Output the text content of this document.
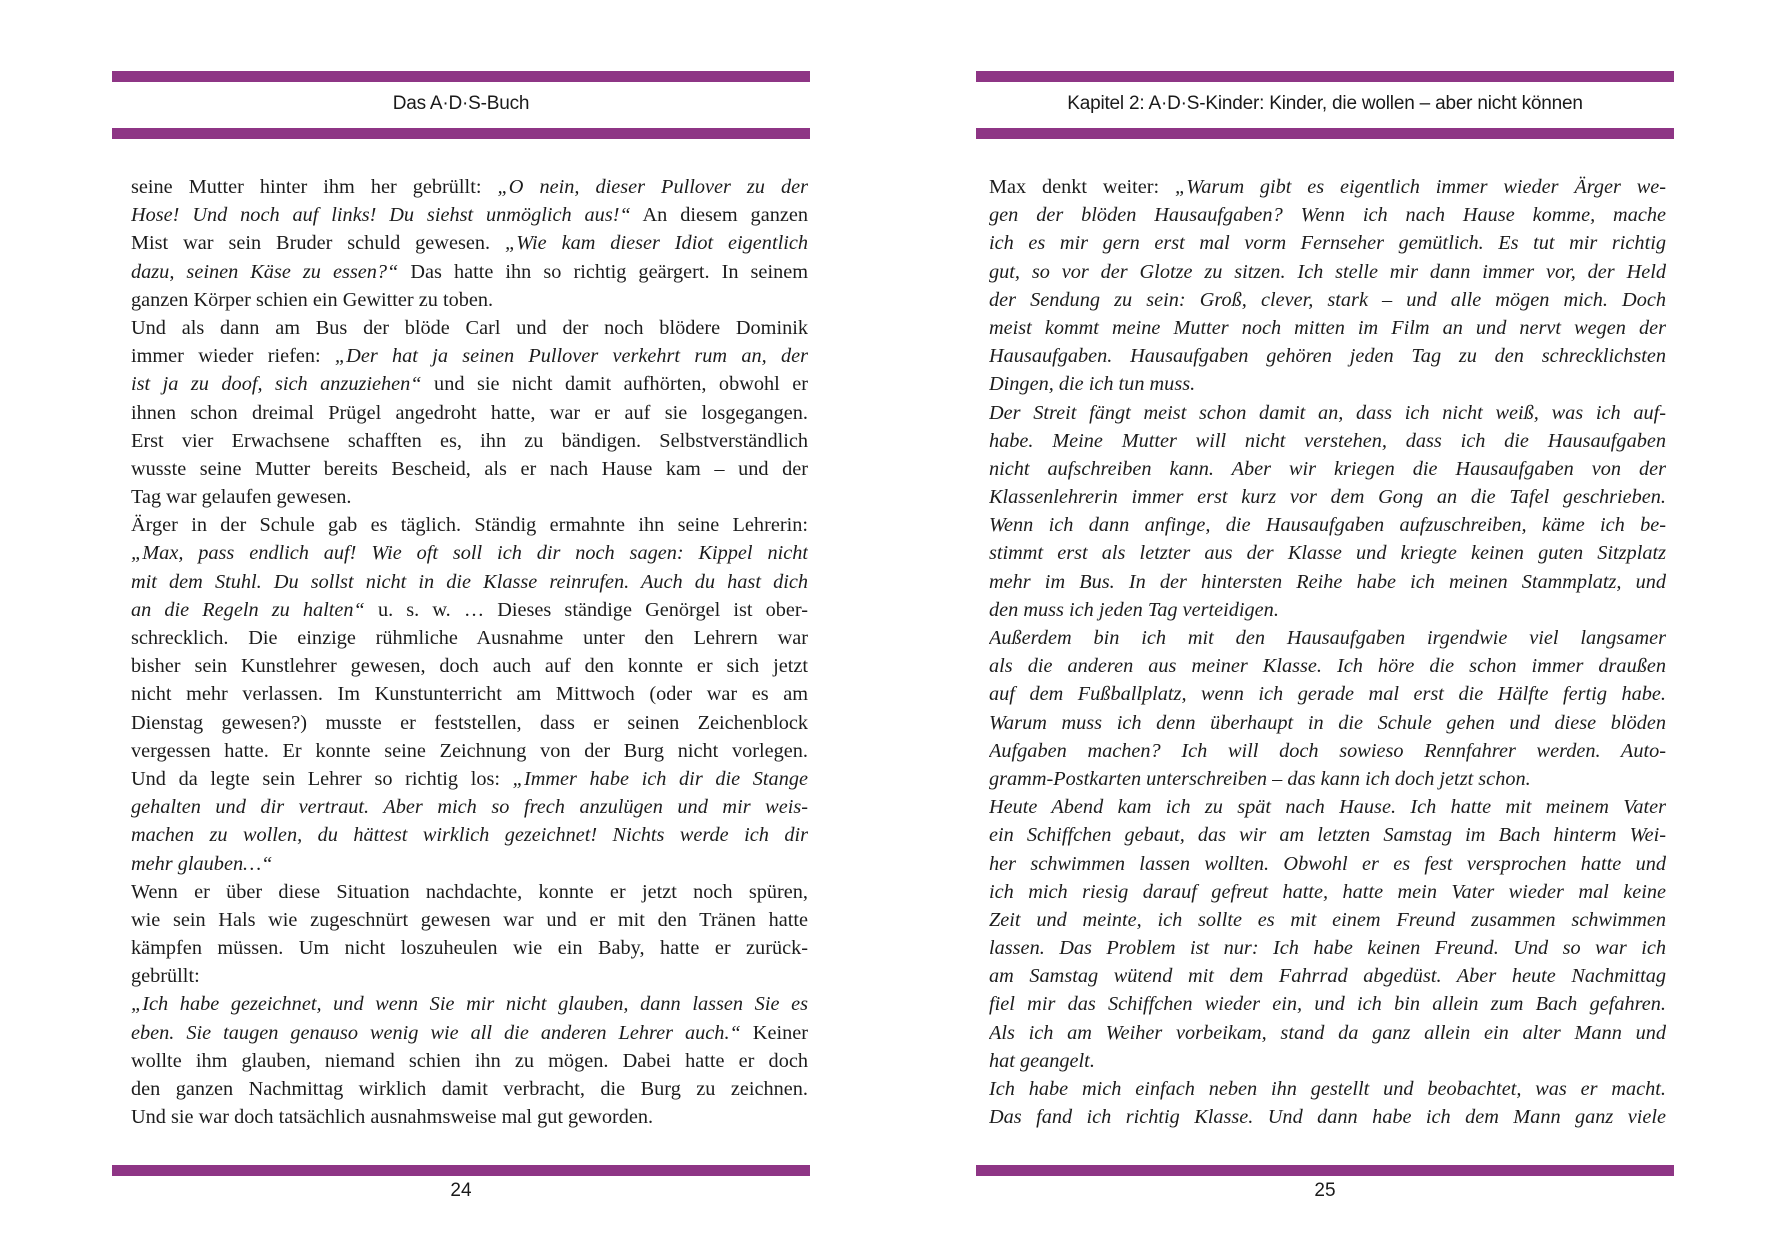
Das A·D·S-Buch
seine Mutter hinter ihm her gebrüllt: „O nein, dieser Pullover zu der
Hose! Und noch auf links! Du siehst unmöglich aus!“ An diesem ganzen
Mist war sein Bruder schuld gewesen. „Wie kam dieser Idiot eigentlich
dazu, seinen Käse zu essen?“ Das hatte ihn so richtig geärgert. In seinem
ganzen Körper schien ein Gewitter zu toben.
Und als dann am Bus der blöde Carl und der noch blödere Dominik
immer wieder riefen: „Der hat ja seinen Pullover verkehrt rum an, der
ist ja zu doof, sich anzuziehen“ und sie nicht damit aufhörten, obwohl er
ihnen schon dreimal Prügel angedroht hatte, war er auf sie losgegangen.
Erst vier Erwachsene schafften es, ihn zu bändigen. Selbstverständlich
wusste seine Mutter bereits Bescheid, als er nach Hause kam – und der
Tag war gelaufen gewesen.
Ärger in der Schule gab es täglich. Ständig ermahnte ihn seine Lehrerin:
„Max, pass endlich auf! Wie oft soll ich dir noch sagen: Kippel nicht
mit dem Stuhl. Du sollst nicht in die Klasse reinrufen. Auch du hast dich
an die Regeln zu halten“ u. s. w. … Dieses ständige Genörgel ist ober-
schrecklich. Die einzige rühmliche Ausnahme unter den Lehrern war
bisher sein Kunstlehrer gewesen, doch auch auf den konnte er sich jetzt
nicht mehr verlassen. Im Kunstunterricht am Mittwoch (oder war es am
Dienstag gewesen?) musste er feststellen, dass er seinen Zeichenblock
vergessen hatte. Er konnte seine Zeichnung von der Burg nicht vorlegen.
Und da legte sein Lehrer so richtig los: „Immer habe ich dir die Stange
gehalten und dir vertraut. Aber mich so frech anzulügen und mir weis-
machen zu wollen, du hättest wirklich gezeichnet! Nichts werde ich dir
mehr glauben…“
Wenn er über diese Situation nachdachte, konnte er jetzt noch spüren,
wie sein Hals wie zugeschnürt gewesen war und er mit den Tränen hatte
kämpfen müssen. Um nicht loszuheulen wie ein Baby, hatte er zurück-
gebrüllt:
„Ich habe gezeichnet, und wenn Sie mir nicht glauben, dann lassen Sie es
eben. Sie taugen genauso wenig wie all die anderen Lehrer auch.“ Keiner
wollte ihm glauben, niemand schien ihn zu mögen. Dabei hatte er doch
den ganzen Nachmittag wirklich damit verbracht, die Burg zu zeichnen.
Und sie war doch tatsächlich ausnahmsweise mal gut geworden.
24
Kapitel 2: A·D·S-Kinder: Kinder, die wollen – aber nicht können
Max denkt weiter: „Warum gibt es eigentlich immer wieder Ärger we-
gen der blöden Hausaufgaben? Wenn ich nach Hause komme, mache
ich es mir gern erst mal vorm Fernseher gemütlich. Es tut mir richtig
gut, so vor der Glotze zu sitzen. Ich stelle mir dann immer vor, der Held
der Sendung zu sein: Groß, clever, stark – und alle mögen mich. Doch
meist kommt meine Mutter noch mitten im Film an und nervt wegen der
Hausaufgaben. Hausaufgaben gehören jeden Tag zu den schrecklichsten
Dingen, die ich tun muss.
Der Streit fängt meist schon damit an, dass ich nicht weiß, was ich auf-
habe. Meine Mutter will nicht verstehen, dass ich die Hausaufgaben
nicht aufschreiben kann. Aber wir kriegen die Hausaufgaben von der
Klassenlehrerin immer erst kurz vor dem Gong an die Tafel geschrieben.
Wenn ich dann anfinge, die Hausaufgaben aufzuschreiben, käme ich be-
stimmt erst als letzter aus der Klasse und kriegte keinen guten Sitzplatz
mehr im Bus. In der hintersten Reihe habe ich meinen Stammplatz, und
den muss ich jeden Tag verteidigen.
Außerdem bin ich mit den Hausaufgaben irgendwie viel langsamer
als die anderen aus meiner Klasse. Ich höre die schon immer draußen
auf dem Fußballplatz, wenn ich gerade mal erst die Hälfte fertig habe.
Warum muss ich denn überhaupt in die Schule gehen und diese blöden
Aufgaben machen? Ich will doch sowieso Rennfahrer werden. Auto-
gramm-Postkarten unterschreiben – das kann ich doch jetzt schon.
Heute Abend kam ich zu spät nach Hause. Ich hatte mit meinem Vater
ein Schiffchen gebaut, das wir am letzten Samstag im Bach hinterm Wei-
her schwimmen lassen wollten. Obwohl er es fest versprochen hatte und
ich mich riesig darauf gefreut hatte, hatte mein Vater wieder mal keine
Zeit und meinte, ich sollte es mit einem Freund zusammen schwimmen
lassen. Das Problem ist nur: Ich habe keinen Freund. Und so war ich
am Samstag wütend mit dem Fahrrad abgedüst. Aber heute Nachmittag
fiel mir das Schiffchen wieder ein, und ich bin allein zum Bach gefahren.
Als ich am Weiher vorbeikam, stand da ganz allein ein alter Mann und
hat geangelt.
Ich habe mich einfach neben ihn gestellt und beobachtet, was er macht.
Das fand ich richtig Klasse. Und dann habe ich dem Mann ganz viele
25
